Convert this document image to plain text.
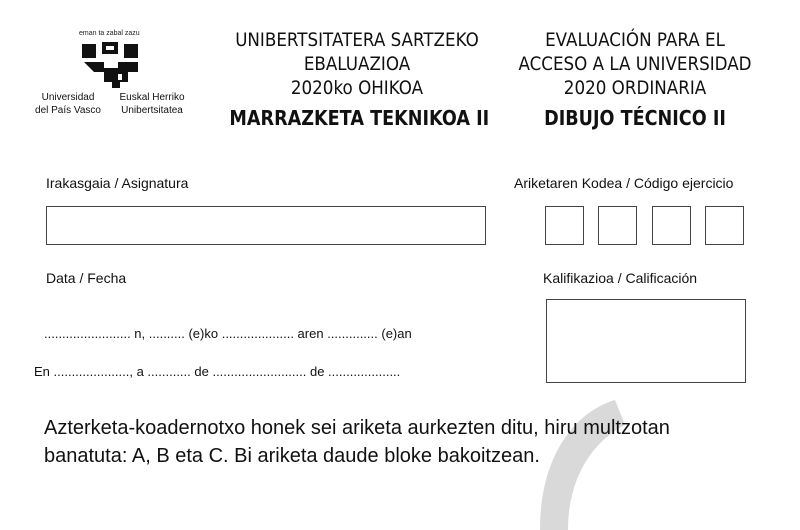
eman ta zabal zazu
Universidad
del País Vasco
Euskal Herriko
Unibertsitatea
UNIBERTSITATERA SARTZEKO
EBALUAZIOA
2020ko OHIKOA
MARRAZKETA TEKNIKOA II
EVALUACIÓN PARA EL
ACCESO A LA UNIVERSIDAD
2020 ORDINARIA
DIBUJO TÉCNICO II
Irakasgaia / Asignatura	Ariketaren Kodea / Código ejercicio
Data / Fecha
........................ n, .......... (e)ko .................... aren .............. (e)an
En ....................., a ............ de .......................... de ....................
Kalifikazioa / Calificación
Azterketa-koadernotxo honek sei ariketa aurkezten ditu, hiru multzotan
banatuta: A, B eta C. Bi ariketa daude bloke bakoitzean.
